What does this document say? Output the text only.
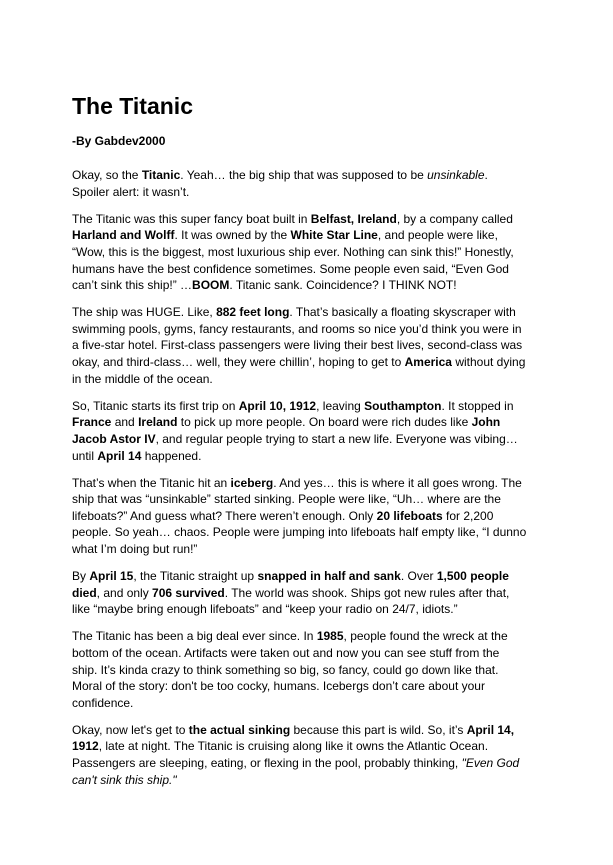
The Titanic

-By Gabdev2000

Okay, so the Titanic. Yeah… the big ship that was supposed to be unsinkable. Spoiler alert: it wasn’t.

The Titanic was this super fancy boat built in Belfast, Ireland, by a company called Harland and Wolff. It was owned by the White Star Line, and people were like, “Wow, this is the biggest, most luxurious ship ever. Nothing can sink this!” Honestly, humans have the best confidence sometimes. Some people even said, “Even God can’t sink this ship!” …BOOM. Titanic sank. Coincidence? I THINK NOT!

The ship was HUGE. Like, 882 feet long. That’s basically a floating skyscraper with swimming pools, gyms, fancy restaurants, and rooms so nice you’d think you were in a five-star hotel. First-class passengers were living their best lives, second-class was okay, and third-class… well, they were chillin’, hoping to get to America without dying in the middle of the ocean.

So, Titanic starts its first trip on April 10, 1912, leaving Southampton. It stopped in France and Ireland to pick up more people. On board were rich dudes like John Jacob Astor IV, and regular people trying to start a new life. Everyone was vibing… until April 14 happened.

That’s when the Titanic hit an iceberg. And yes… this is where it all goes wrong. The ship that was “unsinkable” started sinking. People were like, “Uh… where are the lifeboats?” And guess what? There weren’t enough. Only 20 lifeboats for 2,200 people. So yeah… chaos. People were jumping into lifeboats half empty like, “I dunno what I’m doing but run!”

By April 15, the Titanic straight up snapped in half and sank. Over 1,500 people died, and only 706 survived. The world was shook. Ships got new rules after that, like “maybe bring enough lifeboats” and “keep your radio on 24/7, idiots.”

The Titanic has been a big deal ever since. In 1985, people found the wreck at the bottom of the ocean. Artifacts were taken out and now you can see stuff from the ship. It’s kinda crazy to think something so big, so fancy, could go down like that. Moral of the story: don't be too cocky, humans. Icebergs don’t care about your confidence.

Okay, now let's get to the actual sinking because this part is wild. So, it’s April 14, 1912, late at night. The Titanic is cruising along like it owns the Atlantic Ocean. Passengers are sleeping, eating, or flexing in the pool, probably thinking, "Even God can't sink this ship."
